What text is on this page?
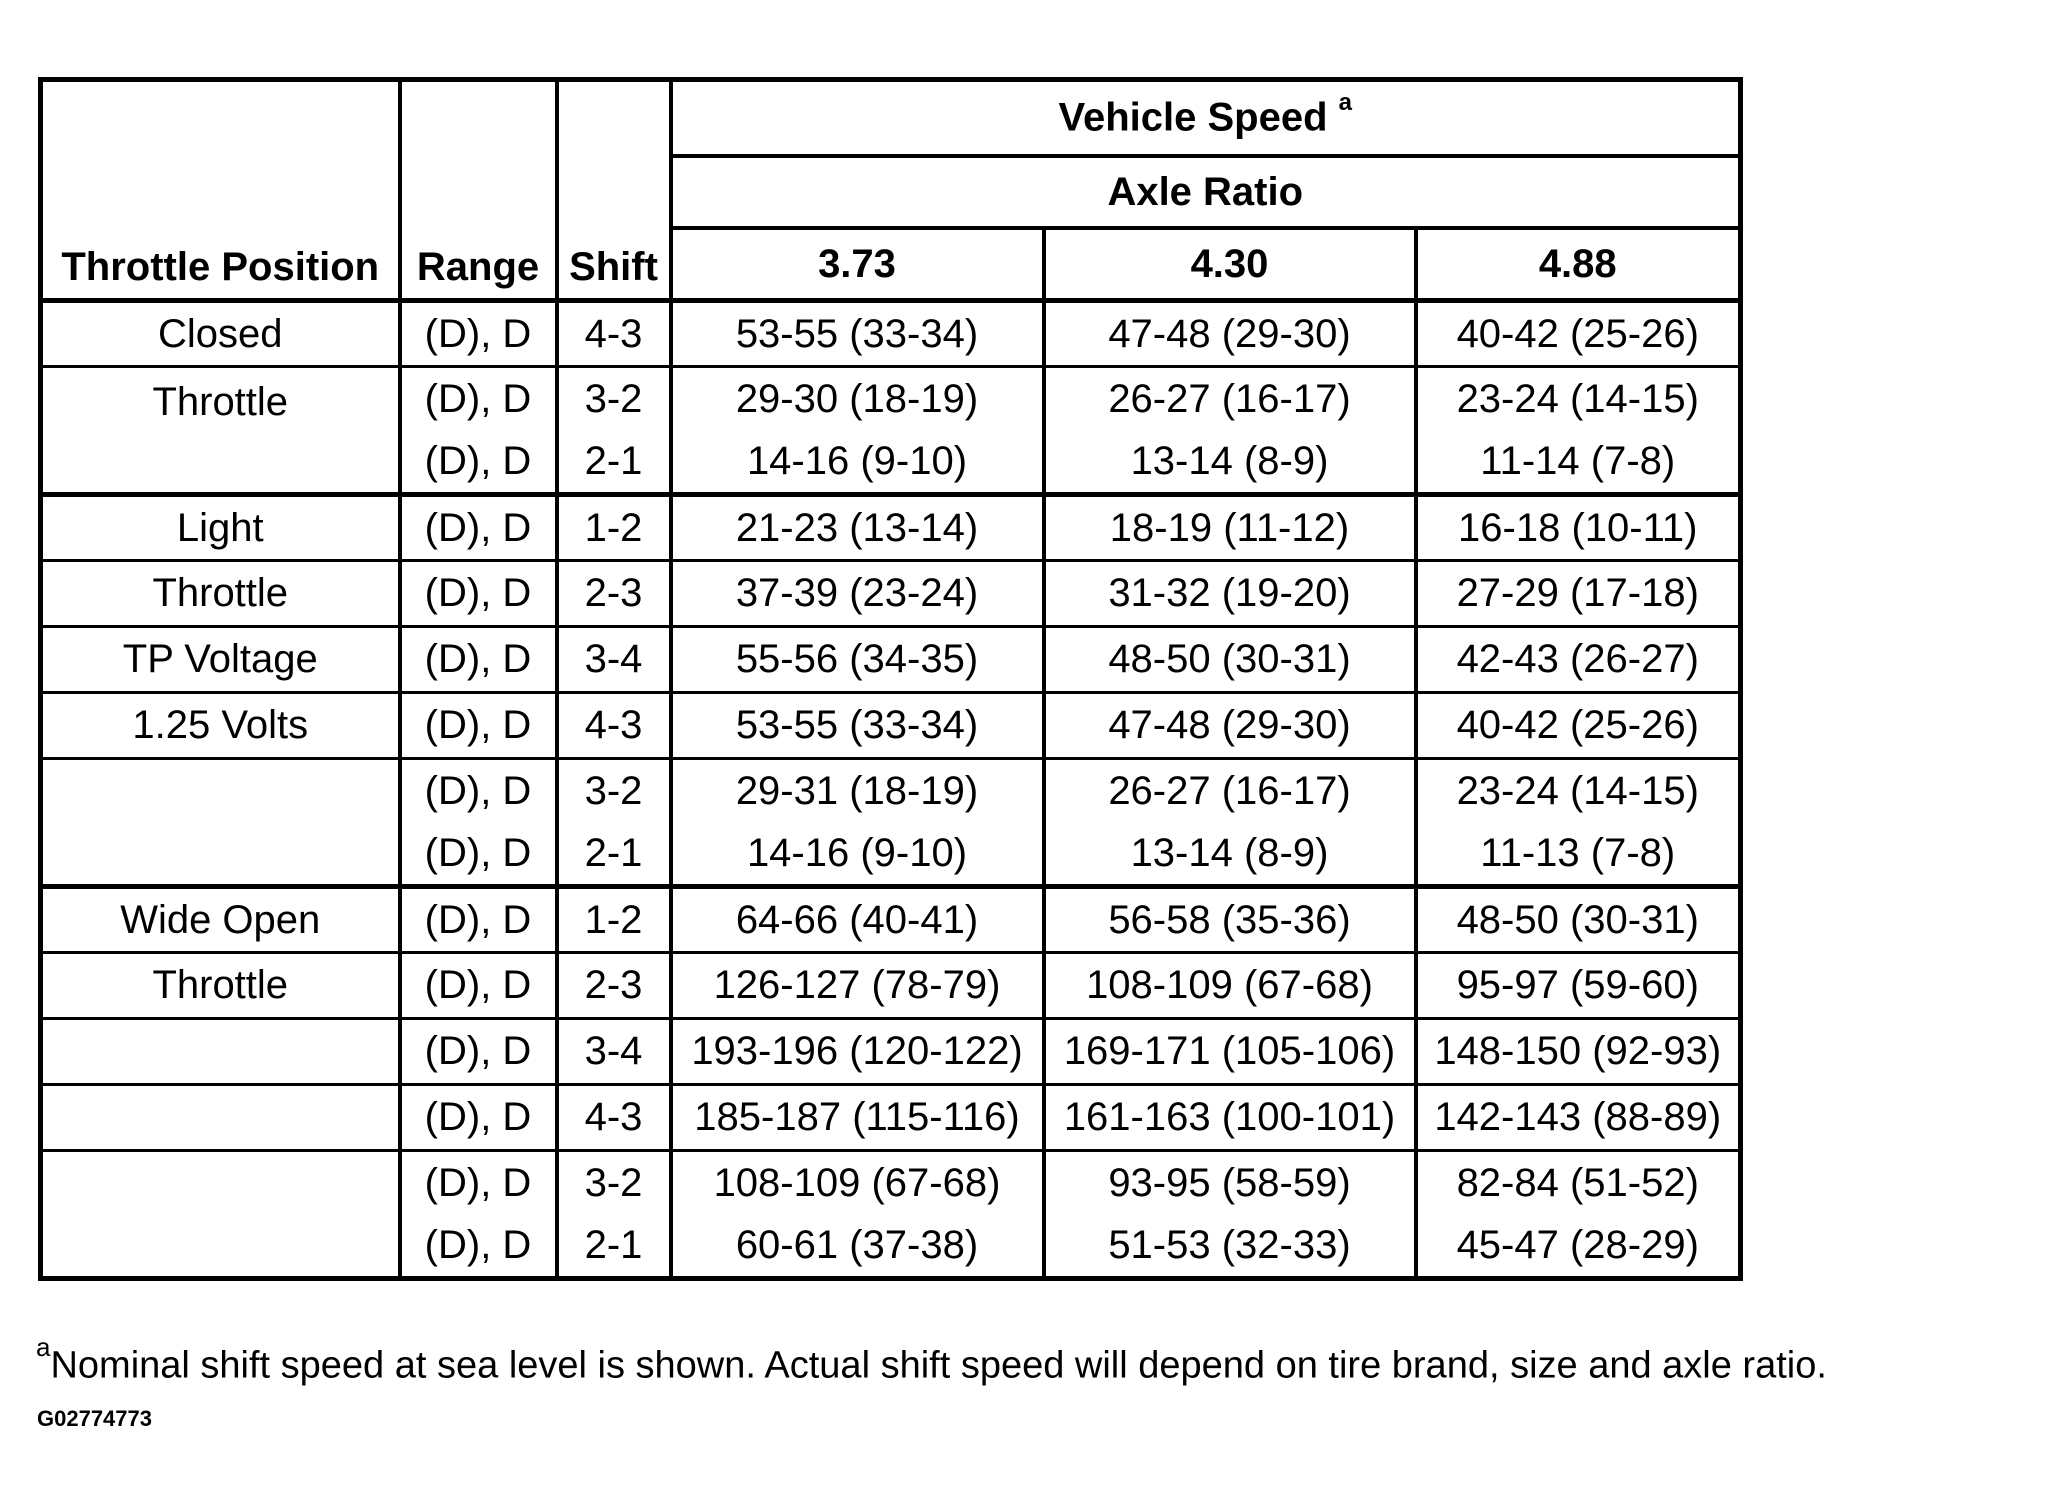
Throttle Position	Range	Shift	Vehicle Speed $^a$
			Axle Ratio		
			3.73	4.30	4.88
Closed	(D), D	4-3	53-55 (33-34)	47-48 (29-30)	40-42 (25-26)
Throttle	(D), D	3-2	29-30 (18-19)	26-27 (16-17)	23-24 (14-15)
	(D), D	2-1	14-16 (9-10)	13-14 (8-9)	11-14 (7-8)
Light	(D), D	1-2	21-23 (13-14)	18-19 (11-12)	16-18 (10-11)
Throttle	(D), D	2-3	37-39 (23-24)	31-32 (19-20)	27-29 (17-18)
TP Voltage	(D), D	3-4	55-56 (34-35)	48-50 (30-31)	42-43 (26-27)
1.25 Volts	(D), D	4-3	53-55 (33-34)	47-48 (29-30)	40-42 (25-26)
	(D), D	3-2	29-31 (18-19)	26-27 (16-17)	23-24 (14-15)
	(D), D	2-1	14-16 (9-10)	13-14 (8-9)	11-13 (7-8)
Wide Open	(D), D	1-2	64-66 (40-41)	56-58 (35-36)	48-50 (30-31)
Throttle	(D), D	2-3	126-127 (78-79)	108-109 (67-68)	95-97 (59-60)
	(D), D	3-4	193-196 (120-122)	169-171 (105-106)	148-150 (92-93)
	(D), D	4-3	185-187 (115-116)	161-163 (100-101)	142-143 (88-89)
	(D), D	3-2	108-109 (67-68)	93-95 (58-59)	82-84 (51-52)
	(D), D	2-1	60-61 (37-38)	51-53 (32-33)	45-47 (28-29)
$^a$Nominal shift speed at sea level is shown. Actual shift speed will depend on tire brand, size and axle ratio.
G02774773
